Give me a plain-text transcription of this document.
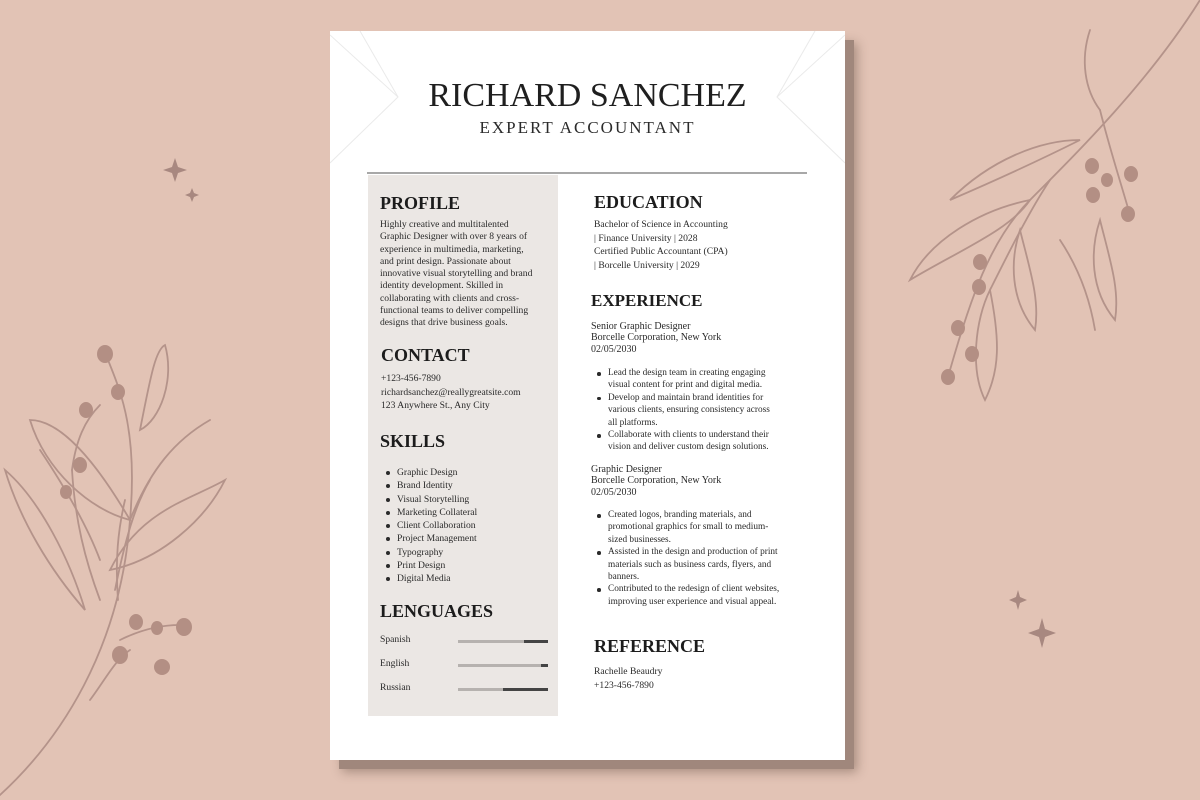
RICHARD SANCHEZ
EXPERT ACCOUNTANT
PROFILE
Highly creative and multitalented
Graphic Designer with over 8 years of
experience in multimedia, marketing,
and print design. Passionate about
innovative visual storytelling and brand
identity development. Skilled in
collaborating with clients and cross-
functional teams to deliver compelling
designs that drive business goals.
CONTACT
+123-456-7890
richardsanchez@reallygreatsite.com
123 Anywhere St., Any City
SKILLS
Graphic Design
Brand Identity
Visual Storytelling
Marketing Collateral
Client Collaboration
Project Management
Typography
Print Design
Digital Media
LENGUAGES
Spanish
English
Russian
EDUCATION
Bachelor of Science in Accounting
| Finance University | 2028
Certified Public Accountant (CPA)
| Borcelle University | 2029
EXPERIENCE
Senior Graphic Designer
Borcelle Corporation, New York
02/05/2030
Lead the design team in creating engaging
visual content for print and digital media.
Develop and maintain brand identities for
various clients, ensuring consistency across
all platforms.
Collaborate with clients to understand their
vision and deliver custom design solutions.
Graphic Designer
Borcelle Corporation, New York
02/05/2030
Created logos, branding materials, and
promotional graphics for small to medium-
sized businesses.
Assisted in the design and production of print
materials such as business cards, flyers, and
banners.
Contributed to the redesign of client websites,
improving user experience and visual appeal.
REFERENCE
Rachelle Beaudry
+123-456-7890
